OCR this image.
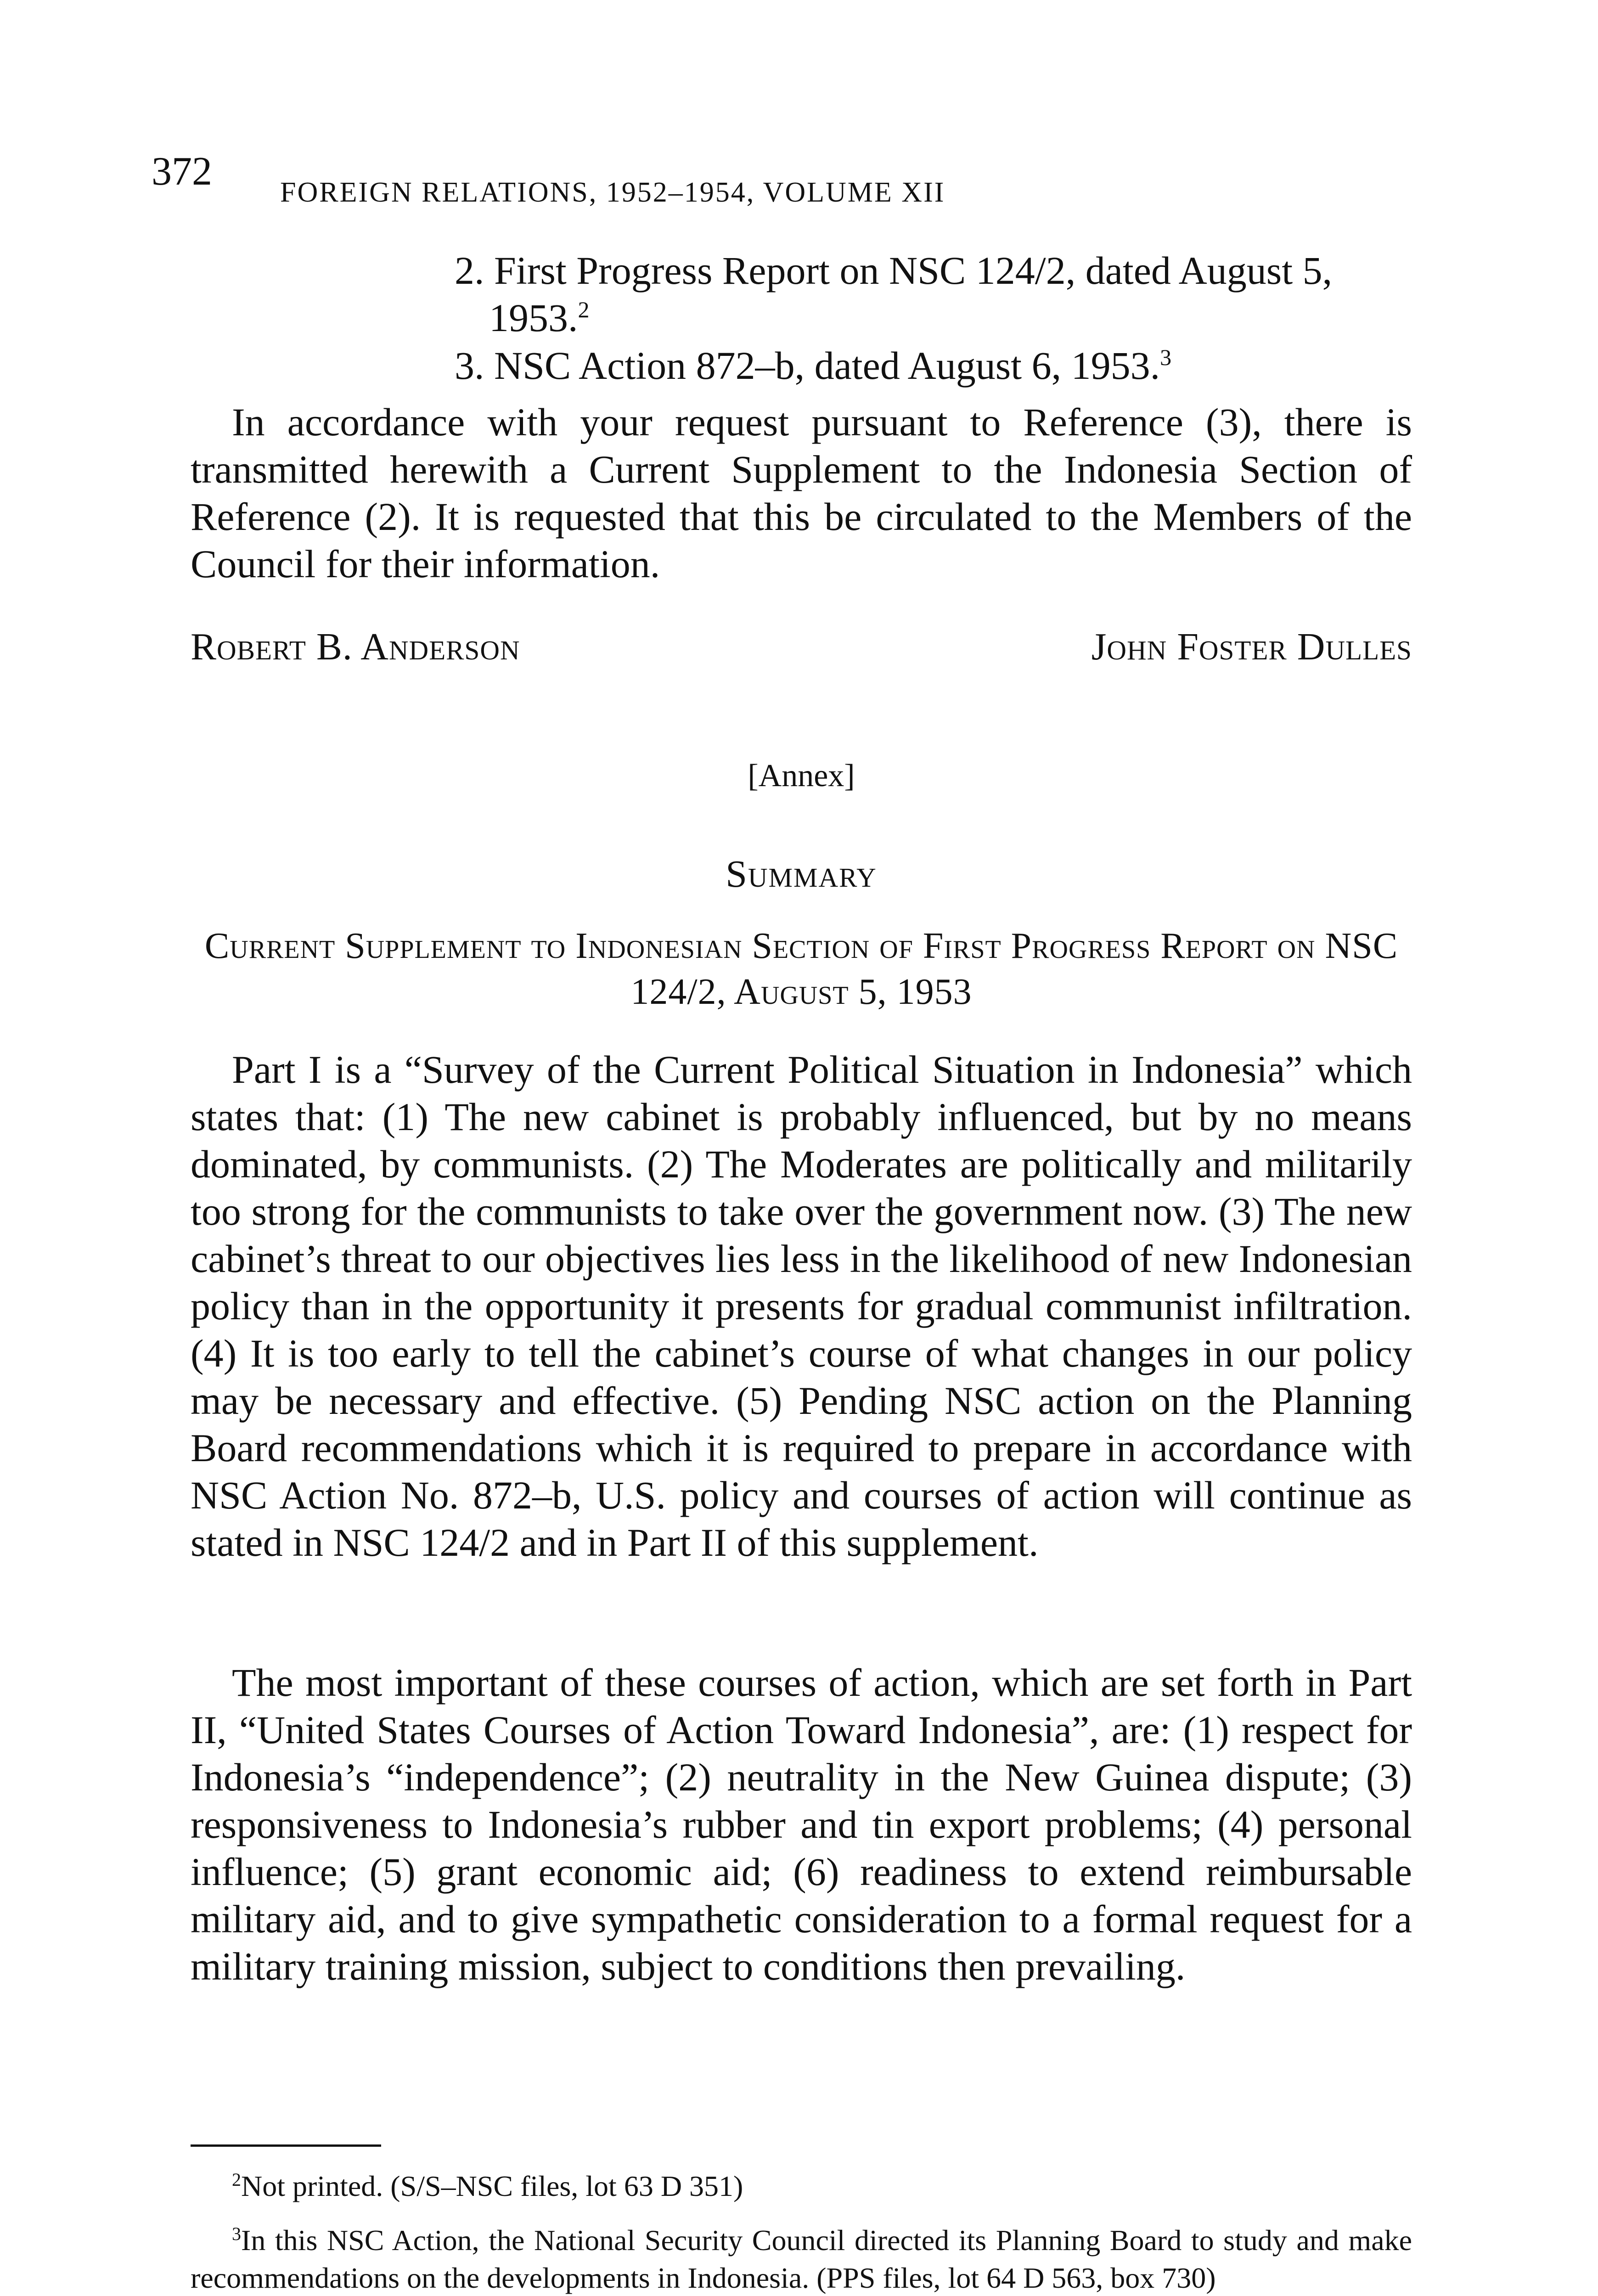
372 FOREIGN RELATIONS, 1952–1954, VOLUME XII
2. First Progress Report on NSC 124/2, dated August 5, 1953.$^2$
3. NSC Action 872–b, dated August 6, 1953.$^3$
In accordance with your request pursuant to Reference (3), there is transmitted herewith a Current Supplement to the Indonesia Section of Reference (2). It is requested that this be circulated to the Members of the Council for their information.
Robert B. Anderson	John Foster Dulles
[Annex]
Summary
Current Supplement to Indonesian Section of First Progress Report on NSC 124/2, August 5, 1953
Part I is a “Survey of the Current Political Situation in Indonesia” which states that: (1) The new cabinet is probably influenced, but by no means dominated, by communists. (2) The Moderates are politically and militarily too strong for the communists to take over the government now. (3) The new cabinet’s threat to our objectives lies less in the likelihood of new Indonesian policy than in the opportunity it presents for gradual communist infiltration. (4) It is too early to tell the cabinet’s course of what changes in our policy may be necessary and effective. (5) Pending NSC action on the Planning Board recommendations which it is required to prepare in accordance with NSC Action No. 872–b, U.S. policy and courses of action will continue as stated in NSC 124/2 and in Part II of this supplement.
The most important of these courses of action, which are set forth in Part II, “United States Courses of Action Toward Indonesia”, are: (1) respect for Indonesia’s “independence”; (2) neutrality in the New Guinea dispute; (3) responsiveness to Indonesia’s rubber and tin export problems; (4) personal influence; (5) grant economic aid; (6) readiness to extend reimbursable military aid, and to give sympathetic consideration to a formal request for a military training mission, subject to conditions then prevailing.
$^2$Not printed. (S/S–NSC files, lot 63 D 351)
$^3$In this NSC Action, the National Security Council directed its Planning Board to study and make recommendations on the developments in Indonesia. (PPS files, lot 64 D 563, box 730)
